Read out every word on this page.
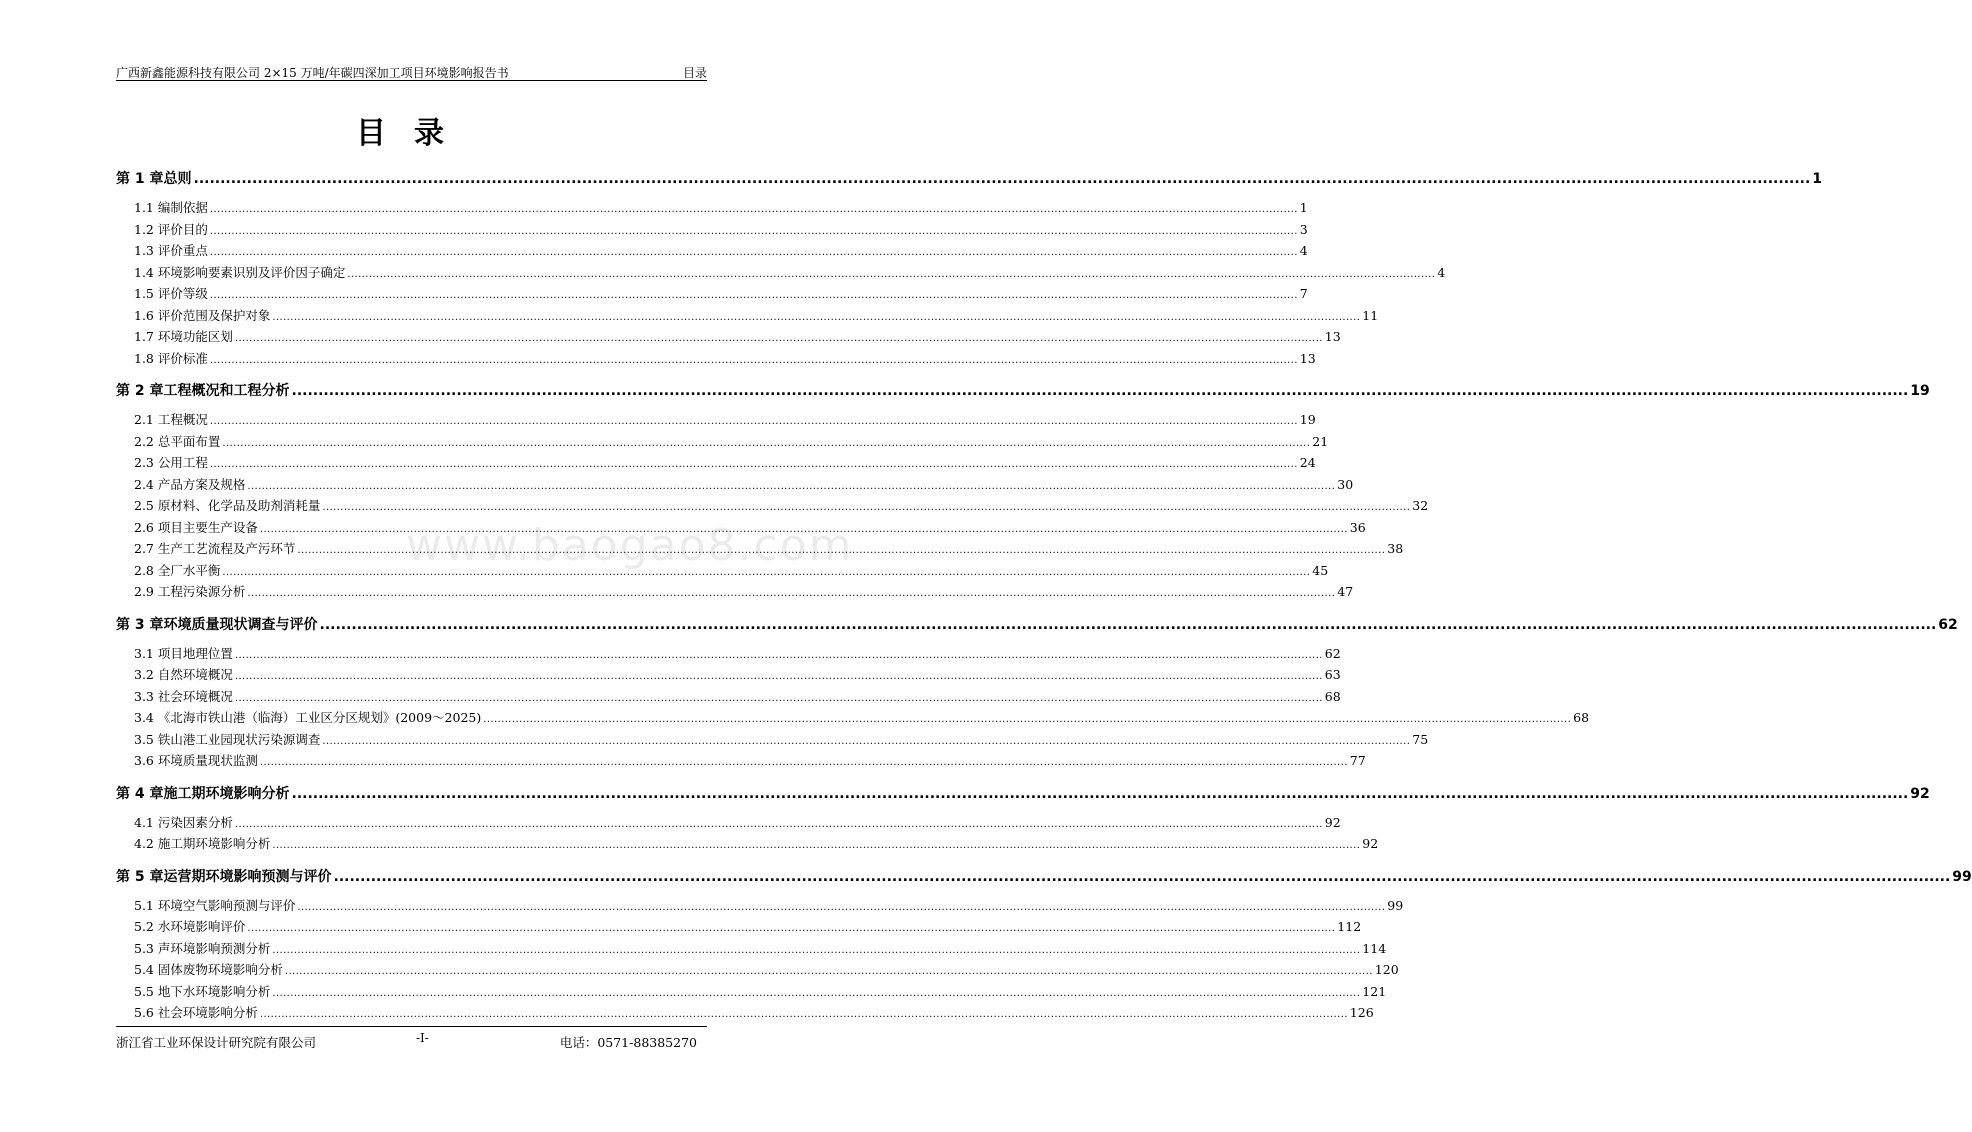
广西新鑫能源科技有限公司 2×15 万吨/年碳四深加工项目环境影响报告书	目录
目录
www.baogao8.com
第 1 章 总则 .....	1
1.1 编制依据 .....	1
1.2 评价目的 .....	3
1.3 评价重点 .....	4
1.4 环境影响要素识别及评价因子确定 .....	4
1.5 评价等级 .....	7
1.6 评价范围及保护对象 .....	11
1.7 环境功能区划 .....	13
1.8 评价标准 .....	13
第 2 章 工程概况和工程分析 .....	19
2.1 工程概况 .....	19
2.2 总平面布置 .....	21
2.3 公用工程 .....	24
2.4 产品方案及规格 .....	30
2.5 原材料、化学品及助剂消耗量 .....	32
2.6 项目主要生产设备 .....	36
2.7 生产工艺流程及产污环节 .....	38
2.8 全厂水平衡 .....	45
2.9 工程污染源分析 .....	47
第 3 章 环境质量现状调查与评价 .....	62
3.1 项目地理位置 .....	62
3.2 自然环境概况 .....	63
3.3 社会环境概况 .....	68
3.4 《北海市铁山港（临海）工业区分区规划》(2009～2025) .....	68
3.5 铁山港工业园现状污染源调查 .....	75
3.6 环境质量现状监测 .....	77
第 4 章 施工期环境影响分析 .....	92
4.1 污染因素分析 .....	92
4.2 施工期环境影响分析 .....	92
第 5 章 运营期环境影响预测与评价 .....	99
5.1 环境空气影响预测与评价 .....	99
5.2 水环境影响评价 .....	112
5.3 声环境影响预测分析 .....	114
5.4 固体废物环境影响分析 .....	120
5.5 地下水环境影响分析 .....	121
5.6 社会环境影响分析 .....	126
浙江省工业环保设计研究院有限公司	-I-	电话：0571-88385270
